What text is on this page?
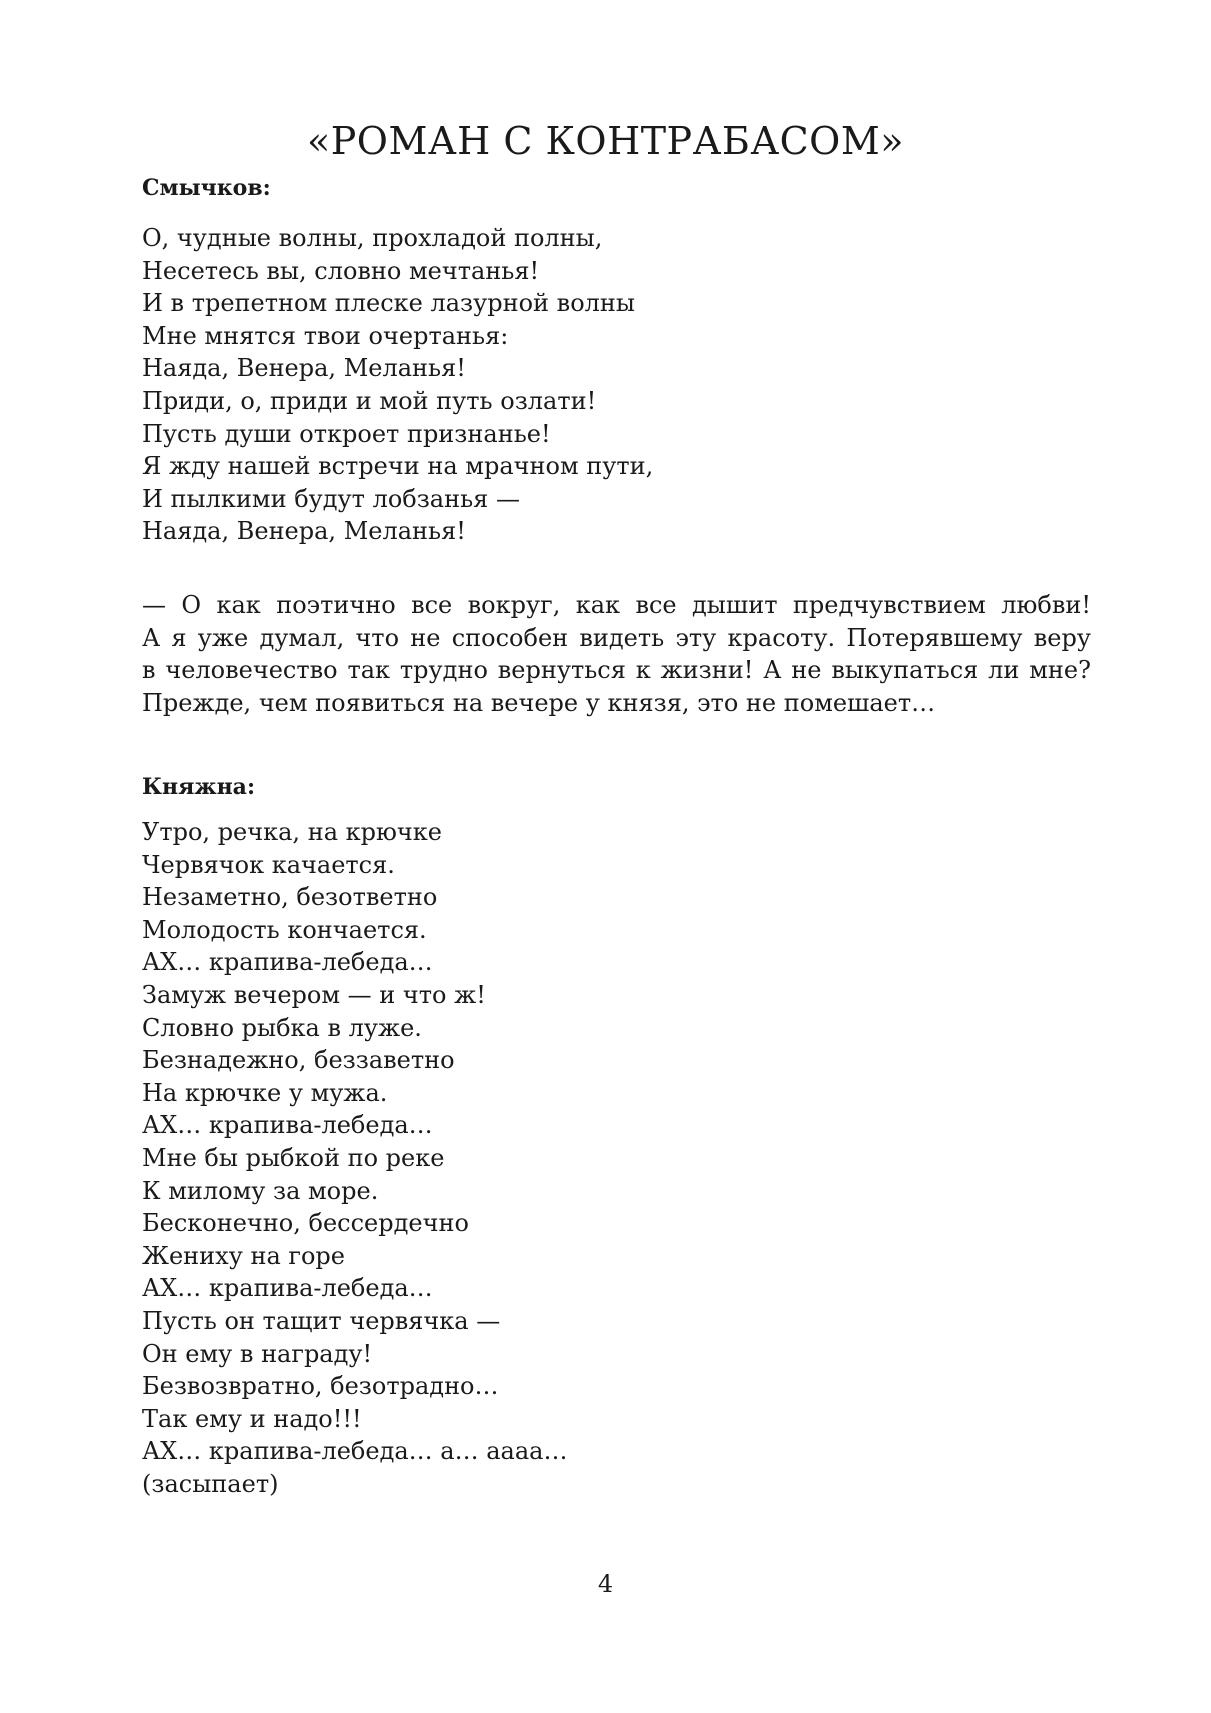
«РОМАН С КОНТРАБАСОМ»
Смычков:
О, чудные волны, прохладой полны,
Несетесь вы, словно мечтанья!
И в трепетном плеске лазурной волны
Мне мнятся твои очертанья:
Наяда, Венера, Меланья!
Приди, о, приди и мой путь озлати!
Пусть души откроет признанье!
Я жду нашей встречи на мрачном пути,
И пылкими будут лобзанья —
Наяда, Венера, Меланья!
— О как поэтично все вокруг, как все дышит предчувствием любви!
А я уже думал, что не способен видеть эту красоту. Потерявшему веру
в человечество так трудно вернуться к жизни! А не выкупаться ли мне?
Прежде, чем появиться на вечере у князя, это не помешает…
Княжна:
Утро, речка, на крючке
Червячок качается.
Незаметно, безответно
Молодость кончается.
АХ… крапива-лебеда…
Замуж вечером — и что ж!
Словно рыбка в луже.
Безнадежно, беззаветно
На крючке у мужа.
АХ… крапива-лебеда…
Мне бы рыбкой по реке
К милому за море.
Бесконечно, бессердечно
Жениху на горе
АХ… крапива-лебеда…
Пусть он тащит червячка —
Он ему в награду!
Безвозвратно, безотрадно…
Так ему и надо!!!
АХ… крапива-лебеда… а… аааа…
(засыпает)
4
